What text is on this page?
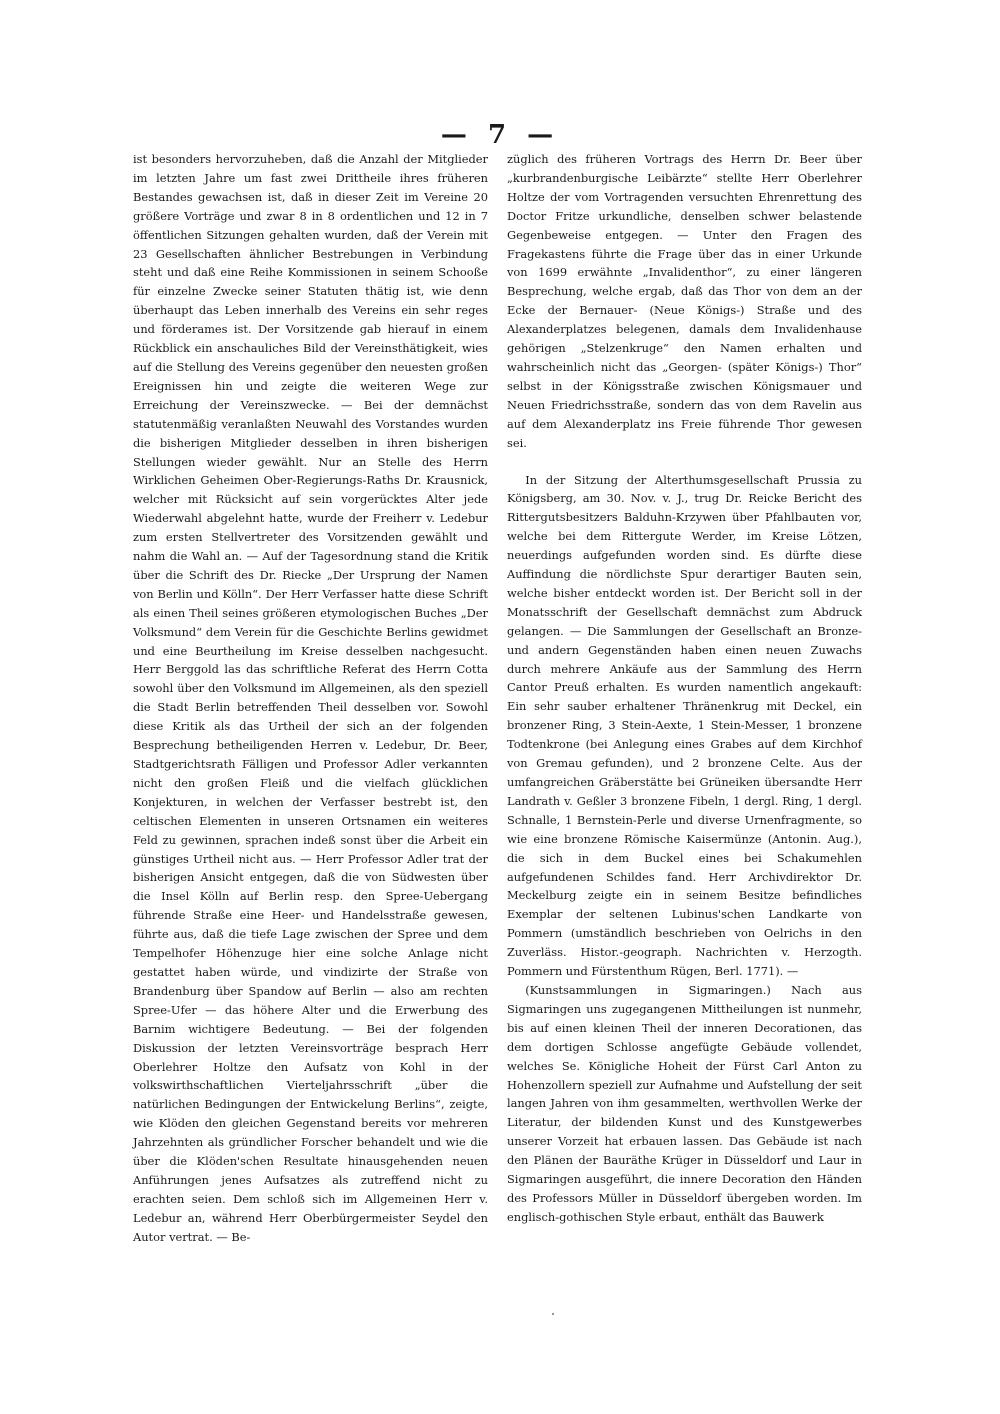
— 7 —

ist besonders hervorzuheben, daß die Anzahl der Mitglieder im letzten Jahre um fast zwei Drittheile ihres früheren Bestandes gewachsen ist, daß in dieser Zeit im Vereine 20 größere Vorträge und zwar 8 in 8 ordentlichen und 12 in 7 öffentlichen Sitzungen gehalten wurden, daß der Verein mit 23 Gesellschaften ähnlicher Bestrebungen in Verbindung steht und daß eine Reihe Kommissionen in seinem Schooße für einzelne Zwecke seiner Statuten thätig ist, wie denn überhaupt das Leben innerhalb des Vereins ein sehr reges und förderames ist. Der Vorsitzende gab hierauf in einem Rückblick ein anschauliches Bild der Vereinsthätigkeit, wies auf die Stellung des Vereins gegenüber den neuesten großen Ereignissen hin und zeigte die weiteren Wege zur Erreichung der Vereinszwecke. — Bei der demnächst statutenmäßig veranlaßten Neuwahl des Vorstandes wurden die bisherigen Mitglieder desselben in ihren bisherigen Stellungen wieder gewählt. Nur an Stelle des Herrn Wirklichen Geheimen Ober-Regierungs-Raths Dr. Krausnick, welcher mit Rücksicht auf sein vorgerücktes Alter jede Wiederwahl abgelehnt hatte, wurde der Freiherr v. Ledebur zum ersten Stellvertreter des Vorsitzenden gewählt und nahm die Wahl an. — Auf der Tagesordnung stand die Kritik über die Schrift des Dr. Riecke „Der Ursprung der Namen von Berlin und Kölln“. Der Herr Verfasser hatte diese Schrift als einen Theil seines größeren etymologischen Buches „Der Volksmund“ dem Verein für die Geschichte Berlins gewidmet und eine Beurtheilung im Kreise desselben nachgesucht. Herr Berggold las das schriftliche Referat des Herrn Cotta sowohl über den Volksmund im Allgemeinen, als den speziell die Stadt Berlin betreffenden Theil desselben vor. Sowohl diese Kritik als das Urtheil der sich an der folgenden Besprechung betheiligenden Herren v. Ledebur, Dr. Beer, Stadtgerichtsrath Fälligen und Professor Adler verkannten nicht den großen Fleiß und die vielfach glücklichen Konjekturen, in welchen der Verfasser bestrebt ist, den celtischen Elementen in unseren Ortsnamen ein weiteres Feld zu gewinnen, sprachen indeß sonst über die Arbeit ein günstiges Urtheil nicht aus. — Herr Professor Adler trat der bisherigen Ansicht entgegen, daß die von Südwesten über die Insel Kölln auf Berlin resp. den Spree-Uebergang führende Straße eine Heer- und Handelsstraße gewesen, führte aus, daß die tiefe Lage zwischen der Spree und dem Tempelhofer Höhenzuge hier eine solche Anlage nicht gestattet haben würde, und vindizirte der Straße von Brandenburg über Spandow auf Berlin — also am rechten Spree-Ufer — das höhere Alter und die Erwerbung des Barnim wichtigere Bedeutung. — Bei der folgenden Diskussion der letzten Vereinsvorträge besprach Herr Oberlehrer Holtze den Aufsatz von Kohl in der volkswirthschaftlichen Vierteljahrsschrift „über die natürlichen Bedingungen der Entwickelung Berlins“, zeigte, wie Klöden den gleichen Gegenstand bereits vor mehreren Jahrzehnten als gründlicher Forscher behandelt und wie die über die Klöden'schen Resultate hinausgehenden neuen Anführungen jenes Aufsatzes als zutreffend nicht zu erachten seien. Dem schloß sich im Allgemeinen Herr v. Ledebur an, während Herr Oberbürgermeister Seydel den Autor vertrat. — Be-

züglich des früheren Vortrags des Herrn Dr. Beer über „kurbrandenburgische Leibärzte“ stellte Herr Oberlehrer Holtze der vom Vortragenden versuchten Ehrenrettung des Doctor Fritze urkundliche, denselben schwer belastende Gegenbeweise entgegen. — Unter den Fragen des Fragekastens führte die Frage über das in einer Urkunde von 1699 erwähnte „Invalidenthor“, zu einer längeren Besprechung, welche ergab, daß das Thor von dem an der Ecke der Bernauer- (Neue Königs-) Straße und des Alexanderplatzes belegenen, damals dem Invalidenhause gehörigen „Stelzenkruge“ den Namen erhalten und wahrscheinlich nicht das „Georgen- (später Königs-) Thor“ selbst in der Königsstraße zwischen Königsmauer und Neuen Friedrichsstraße, sondern das von dem Ravelin aus auf dem Alexanderplatz ins Freie führende Thor gewesen sei.

In der Sitzung der Alterthumsgesellschaft Prussia zu Königsberg, am 30. Nov. v. J., trug Dr. Reicke Bericht des Rittergutsbesitzers Balduhn-Krzywen über Pfahlbauten vor, welche bei dem Rittergute Werder, im Kreise Lötzen, neuerdings aufgefunden worden sind. Es dürfte diese Auffindung die nördlichste Spur derartiger Bauten sein, welche bisher entdeckt worden ist. Der Bericht soll in der Monatsschrift der Gesellschaft demnächst zum Abdruck gelangen. — Die Sammlungen der Gesellschaft an Bronze- und andern Gegenständen haben einen neuen Zuwachs durch mehrere Ankäufe aus der Sammlung des Herrn Cantor Preuß erhalten. Es wurden namentlich angekauft: Ein sehr sauber erhaltener Thränenkrug mit Deckel, ein bronzener Ring, 3 Stein-Aexte, 1 Stein-Messer, 1 bronzene Todtenkrone (bei Anlegung eines Grabes auf dem Kirchhof von Gremau gefunden), und 2 bronzene Celte. Aus der umfangreichen Gräberstätte bei Grüneiken übersandte Herr Landrath v. Geßler 3 bronzene Fibeln, 1 dergl. Ring, 1 dergl. Schnalle, 1 Bernstein-Perle und diverse Urnenfragmente, so wie eine bronzene Römische Kaisermünze (Antonin. Aug.), die sich in dem Buckel eines bei Schakumehlen aufgefundenen Schildes fand. Herr Archivdirektor Dr. Meckelburg zeigte ein in seinem Besitze befindliches Exemplar der seltenen Lubinus'schen Landkarte von Pommern (umständlich beschrieben von Oelrichs in den Zuverläss. Histor.-geograph. Nachrichten v. Herzogth. Pommern und Fürstenthum Rügen, Berl. 1771). —

(Kunstsammlungen in Sigmaringen.) Nach aus Sigmaringen uns zugegangenen Mittheilungen ist nunmehr, bis auf einen kleinen Theil der inneren Decorationen, das dem dortigen Schlosse angefügte Gebäude vollendet, welches Se. Königliche Hoheit der Fürst Carl Anton zu Hohenzollern speziell zur Aufnahme und Aufstellung der seit langen Jahren von ihm gesammelten, werthvollen Werke der Literatur, der bildenden Kunst und des Kunstgewerbes unserer Vorzeit hat erbauen lassen. Das Gebäude ist nach den Plänen der Bauräthe Krüger in Düsseldorf und Laur in Sigmaringen ausgeführt, die innere Decoration den Händen des Professors Müller in Düsseldorf übergeben worden. Im englisch-gothischen Style erbaut, enthält das Bauwerk
